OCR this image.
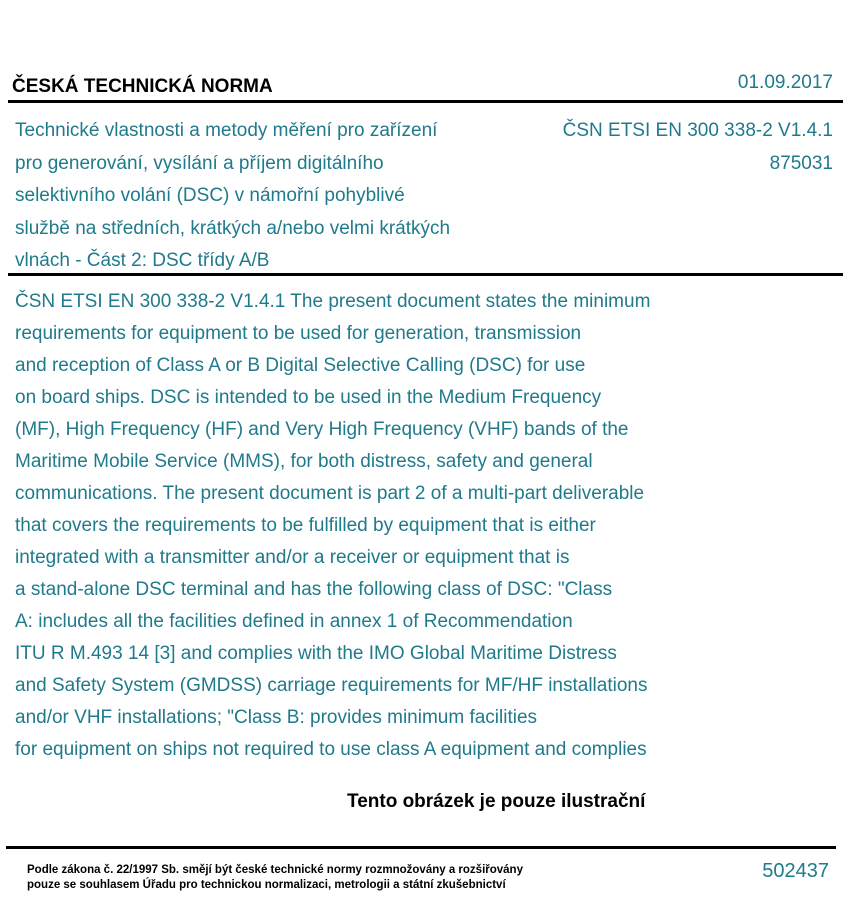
ČESKÁ TECHNICKÁ NORMA	01.09.2017
Technické vlastnosti a metody měření pro zařízení
pro generování, vysílání a příjem digitálního
selektivního volání (DSC) v námořní pohyblivé
službě na středních, krátkých a/nebo velmi krátkých
vlnách - Část 2: DSC třídy A/B
ČSN ETSI EN 300 338-2 V1.4.1
875031
ČSN ETSI EN 300 338-2 V1.4.1 The present document states the minimum
requirements for equipment to be used for generation, transmission
and reception of Class A or B Digital Selective Calling (DSC) for use
on board ships. DSC is intended to be used in the Medium Frequency
(MF), High Frequency (HF) and Very High Frequency (VHF) bands of the
Maritime Mobile Service (MMS), for both distress, safety and general
communications. The present document is part 2 of a multi-part deliverable
that covers the requirements to be fulfilled by equipment that is either
integrated with a transmitter and/or a receiver or equipment that is
a stand-alone DSC terminal and has the following class of DSC: "Class
A: includes all the facilities defined in annex 1 of Recommendation
ITU R M.493 14 [3] and complies with the IMO Global Maritime Distress
and Safety System (GMDSS) carriage requirements for MF/HF installations
and/or VHF installations; "Class B: provides minimum facilities
for equipment on ships not required to use class A equipment and complies
Tento obrázek je pouze ilustrační
Podle zákona č. 22/1997 Sb. smějí být české technické normy rozmnožovány a rozšiřovány
pouze se souhlasem Úřadu pro technickou normalizaci, metrologii a státní zkušebnictví
502437
